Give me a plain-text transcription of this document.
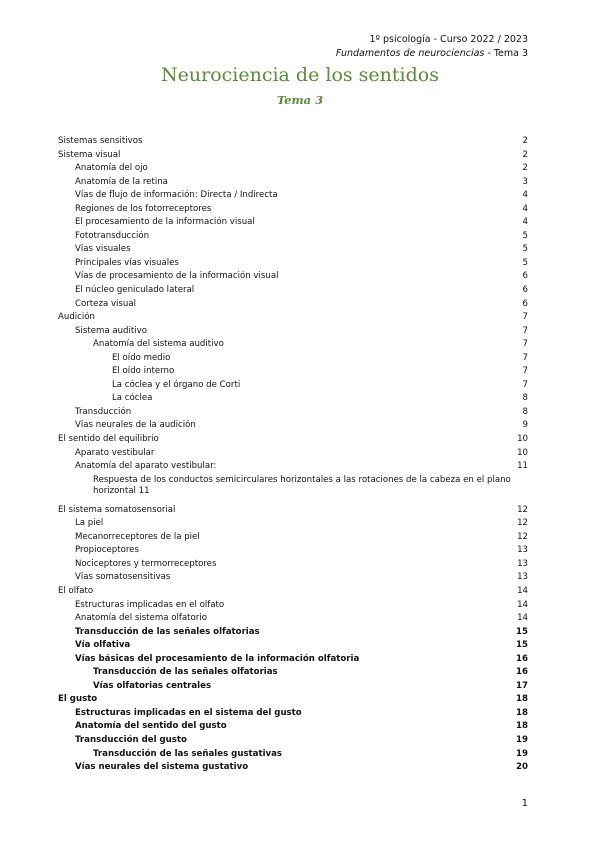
1º psicología - Curso 2022 / 2023
Fundamentos de neurociencias - Tema 3
Neurociencia de los sentidos
Tema 3
Sistemas sensitivos	2
Sistema visual	2
Anatomía del ojo	2
Anatomía de la retina	3
Vías de flujo de información: Directa / Indirecta	4
Regiones de los fotorreceptores	4
El procesamiento de la información visual	4
Fototransducción	5
Vías visuales	5
Principales vías visuales	5
Vías de procesamiento de la información visual	6
El núcleo geniculado lateral	6
Corteza visual	6
Audición	7
Sistema auditivo	7
Anatomía del sistema auditivo	7
El oído medio	7
El oído interno	7
La cóclea y el órgano de Corti	7
La cóclea	8
Transducción	8
Vías neurales de la audición	9
El sentido del equilibrio	10
Aparato vestibular	10
Anatomía del aparato vestibular:	11
Respuesta de los conductos semicirculares horizontales a las rotaciones de la cabeza en el plano horizontal 11
El sistema somatosensorial	12
La piel	12
Mecanorreceptores de la piel	12
Propioceptores	13
Nociceptores y termorreceptores	13
Vías somatosensitivas	13
El olfato	14
Estructuras implicadas en el olfato	14
Anatomía del sistema olfatorio	14
Transducción de las señales olfatorias	15
Vía olfativa	15
Vías básicas del procesamiento de la información olfatoria	16
Transducción de las señales olfatorias	16
Vías olfatorias centrales	17
El gusto	18
Estructuras implicadas en el sistema del gusto	18
Anatomía del sentido del gusto	18
Transducción del gusto	19
Transducción de las señales gustativas	19
Vías neurales del sistema gustativo	20
1
